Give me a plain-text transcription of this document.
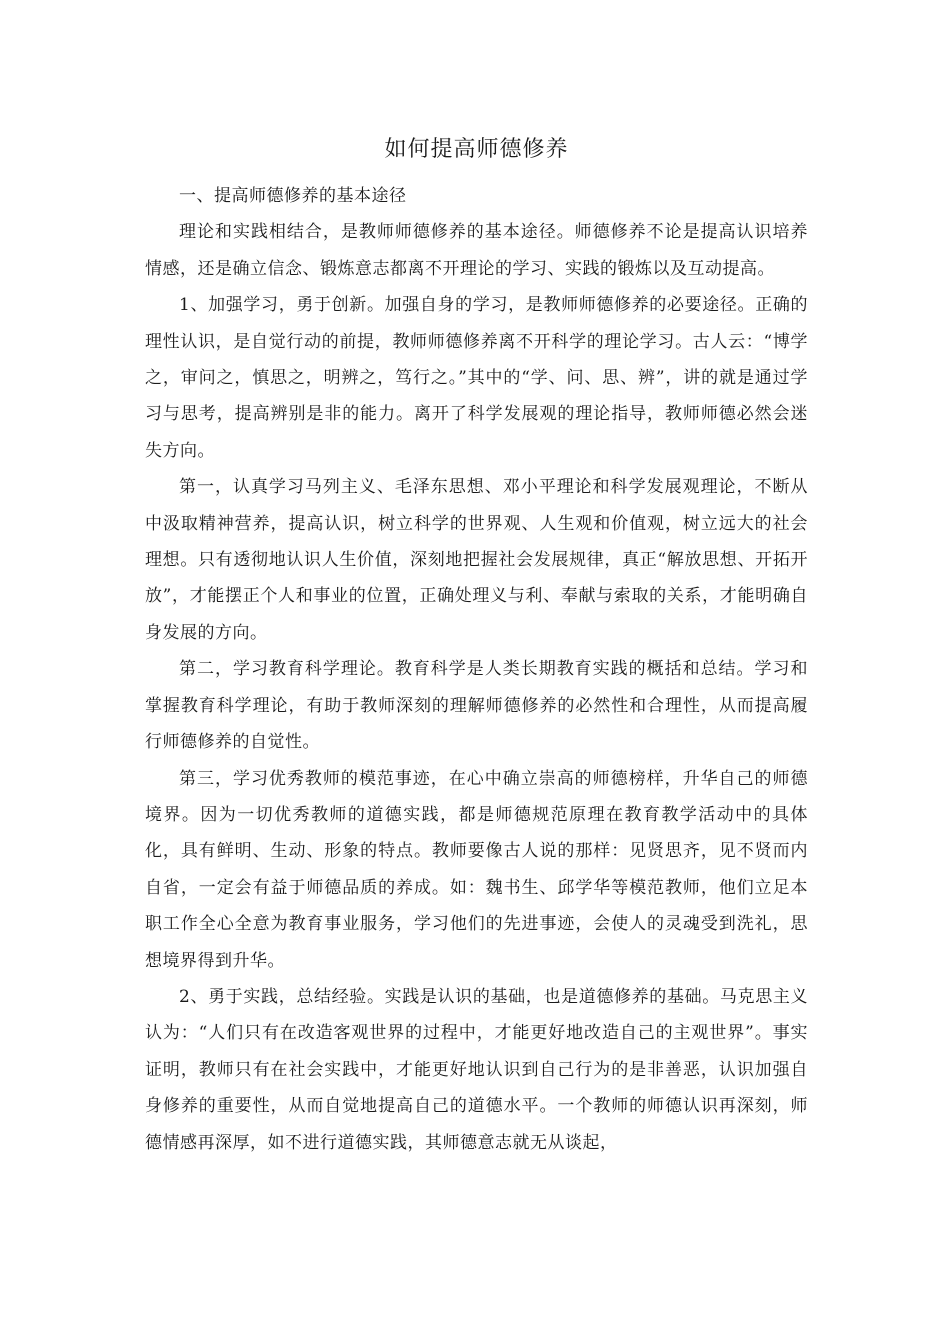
如何提高师德修养

一、提高师德修养的基本途径

理论和实践相结合，是教师师德修养的基本途径。师德修养不论是提高认识培养情感，还是确立信念、锻炼意志都离不开理论的学习、实践的锻炼以及互动提高。

1、加强学习，勇于创新。加强自身的学习，是教师师德修养的必要途径。正确的理性认识，是自觉行动的前提，教师师德修养离不开科学的理论学习。古人云：“博学之，审问之，慎思之，明辨之，笃行之。”其中的“学、问、思、辨”，讲的就是通过学习与思考，提高辨别是非的能力。离开了科学发展观的理论指导，教师师德必然会迷失方向。

第一，认真学习马列主义、毛泽东思想、邓小平理论和科学发展观理论，不断从中汲取精神营养，提高认识，树立科学的世界观、人生观和价值观，树立远大的社会理想。只有透彻地认识人生价值，深刻地把握社会发展规律，真正“解放思想、开拓开放”，才能摆正个人和事业的位置，正确处理义与利、奉献与索取的关系，才能明确自身发展的方向。

第二，学习教育科学理论。教育科学是人类长期教育实践的概括和总结。学习和掌握教育科学理论，有助于教师深刻的理解师德修养的必然性和合理性，从而提高履行师德修养的自觉性。

第三，学习优秀教师的模范事迹，在心中确立崇高的师德榜样，升华自己的师德境界。因为一切优秀教师的道德实践，都是师德规范原理在教育教学活动中的具体化，具有鲜明、生动、形象的特点。教师要像古人说的那样：见贤思齐，见不贤而内自省，一定会有益于师德品质的养成。如：魏书生、邱学华等模范教师，他们立足本职工作全心全意为教育事业服务，学习他们的先进事迹，会使人的灵魂受到洗礼，思想境界得到升华。

2、勇于实践，总结经验。实践是认识的基础，也是道德修养的基础。马克思主义认为：“人们只有在改造客观世界的过程中，才能更好地改造自己的主观世界”。事实证明，教师只有在社会实践中，才能更好地认识到自己行为的是非善恶，认识加强自身修养的重要性，从而自觉地提高自己的道德水平。一个教师的师德认识再深刻，师德情感再深厚，如不进行道德实践，其师德意志就无从谈起，
